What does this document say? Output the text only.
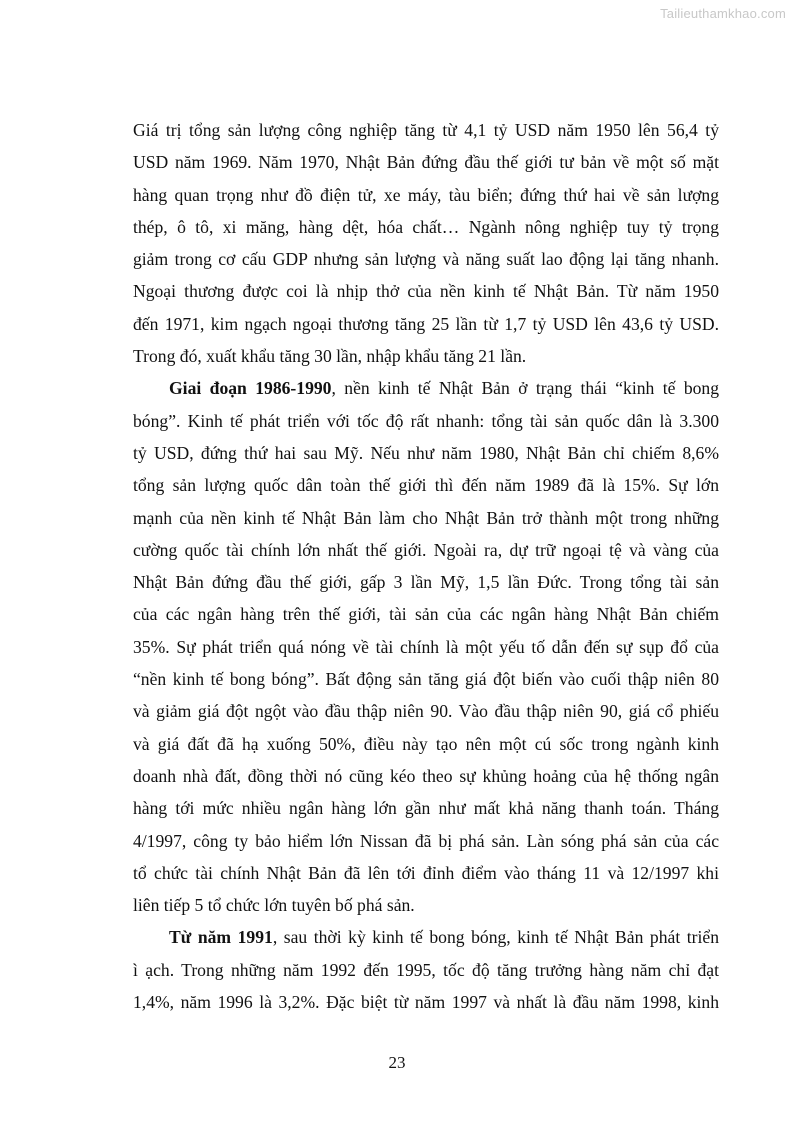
Tailieuthamkhao.com
Giá trị tổng sản lượng công nghiệp tăng từ 4,1 tỷ USD năm 1950 lên 56,4 tỷ
USD năm 1969. Năm 1970, Nhật Bản đứng đầu thế giới tư bản về một số mặt
hàng quan trọng như đồ điện tử, xe máy, tàu biển; đứng thứ hai về sản lượng
thép, ô tô, xi măng, hàng dệt, hóa chất… Ngành nông nghiệp tuy tỷ trọng
giảm trong cơ cấu GDP nhưng sản lượng và năng suất lao động lại tăng nhanh.
Ngoại thương được coi là nhịp thở của nền kinh tế Nhật Bản. Từ năm 1950
đến 1971, kim ngạch ngoại thương tăng 25 lần từ 1,7 tỷ USD lên 43,6 tỷ USD.
Trong đó, xuất khẩu tăng 30 lần, nhập khẩu tăng 21 lần.
Giai đoạn 1986-1990, nền kinh tế Nhật Bản ở trạng thái “kinh tế bong
bóng”. Kinh tế phát triển với tốc độ rất nhanh: tổng tài sản quốc dân là 3.300
tỷ USD, đứng thứ hai sau Mỹ. Nếu như năm 1980, Nhật Bản chỉ chiếm 8,6%
tổng sản lượng quốc dân toàn thế giới thì đến năm 1989 đã là 15%. Sự lớn
mạnh của nền kinh tế Nhật Bản làm cho Nhật Bản trở thành một trong những
cường quốc tài chính lớn nhất thế giới. Ngoài ra, dự trữ ngoại tệ và vàng của
Nhật Bản đứng đầu thế giới, gấp 3 lần Mỹ, 1,5 lần Đức. Trong tổng tài sản
của các ngân hàng trên thế giới, tài sản của các ngân hàng Nhật Bản chiếm
35%. Sự phát triển quá nóng về tài chính là một yếu tố dẫn đến sự sụp đổ của
“nền kinh tế bong bóng”. Bất động sản tăng giá đột biến vào cuối thập niên 80
và giảm giá đột ngột vào đầu thập niên 90. Vào đầu thập niên 90, giá cổ phiếu
và giá đất đã hạ xuống 50%, điều này tạo nên một cú sốc trong ngành kinh
doanh nhà đất, đồng thời nó cũng kéo theo sự khủng hoảng của hệ thống ngân
hàng tới mức nhiều ngân hàng lớn gần như mất khả năng thanh toán. Tháng
4/1997, công ty bảo hiểm lớn Nissan đã bị phá sản. Làn sóng phá sản của các
tổ chức tài chính Nhật Bản đã lên tới đỉnh điểm vào tháng 11 và 12/1997 khi
liên tiếp 5 tổ chức lớn tuyên bố phá sản.
Từ năm 1991, sau thời kỳ kinh tế bong bóng, kinh tế Nhật Bản phát triển
ì ạch. Trong những năm 1992 đến 1995, tốc độ tăng trưởng hàng năm chỉ đạt
1,4%, năm 1996 là 3,2%. Đặc biệt từ năm 1997 và nhất là đầu năm 1998, kinh
23
